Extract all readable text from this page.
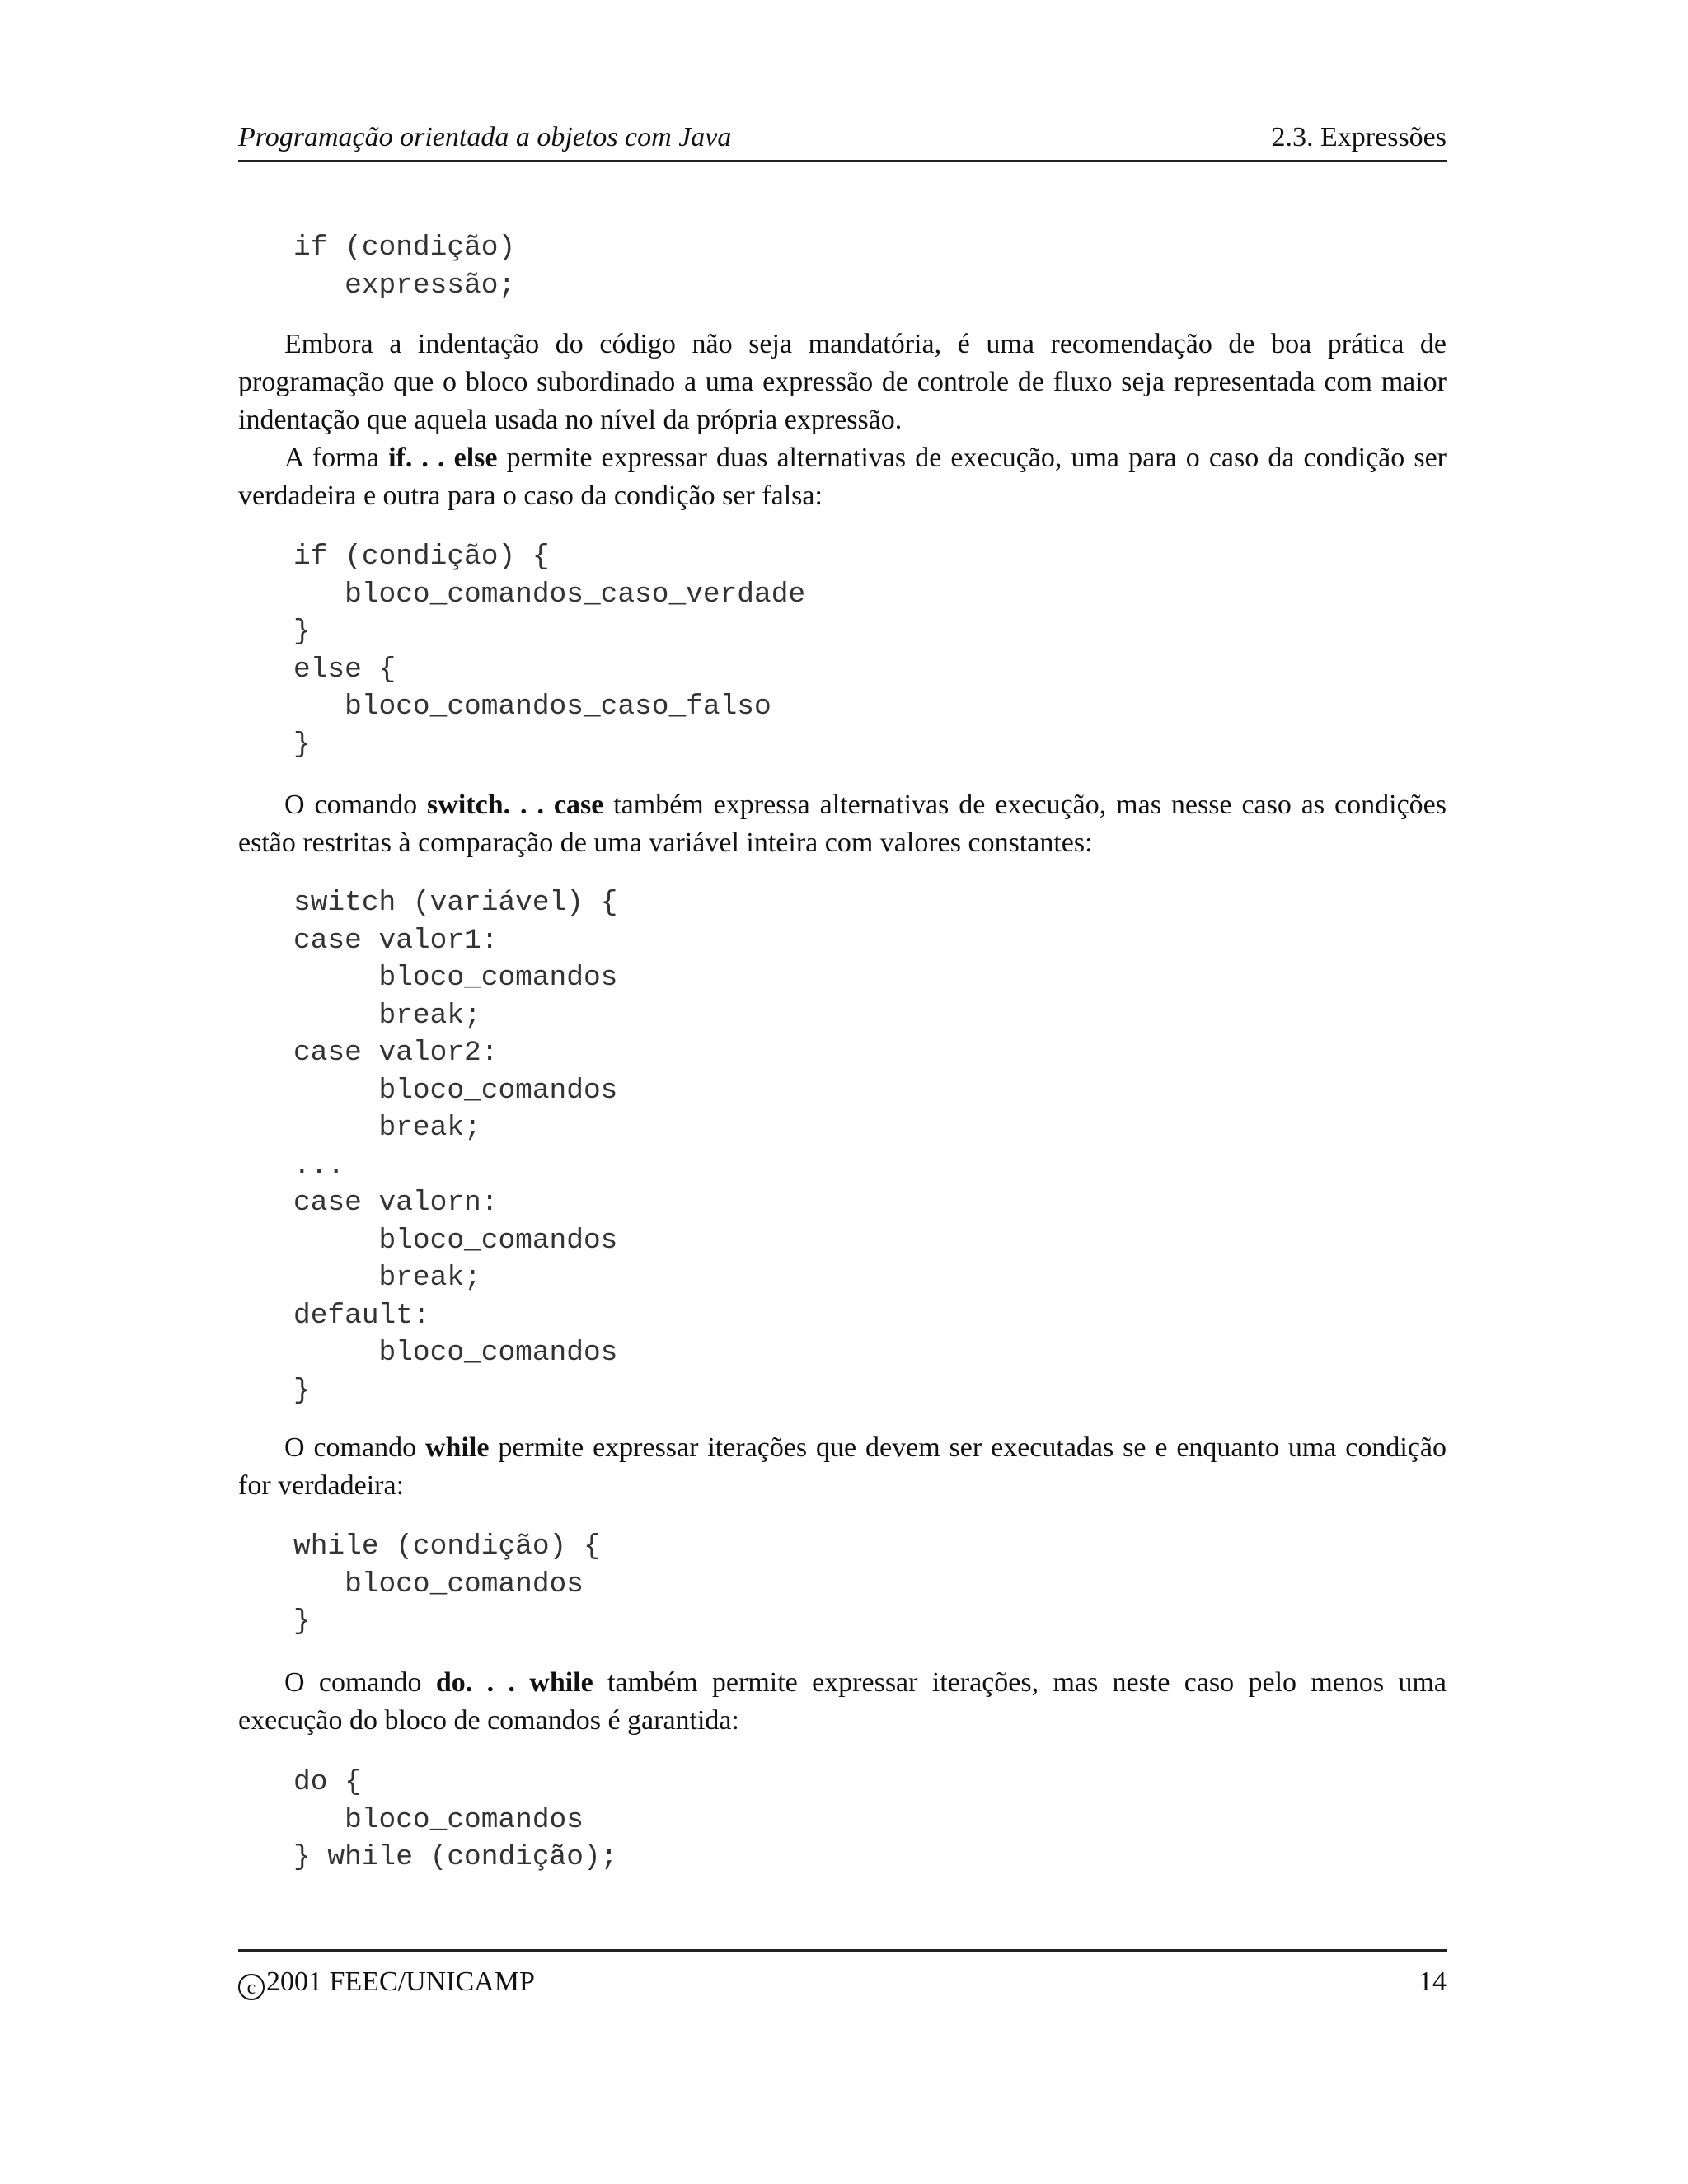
Programação orientada a objetos com Java	2.3. Expressões
if (condição)
expressão;
Embora a indentação do código não seja mandatória, é uma recomendação de boa prática de programação que o bloco subordinado a uma expressão de controle de fluxo seja representada com maior indentação que aquela usada no nível da própria expressão.
A forma if. . . else permite expressar duas alternativas de execução, uma para o caso da condição ser verdadeira e outra para o caso da condição ser falsa:
if (condição) {
bloco_comandos_caso_verdade
}
else {
bloco_comandos_caso_falso
}
O comando switch. . . case também expressa alternativas de execução, mas nesse caso as condições estão restritas à comparação de uma variável inteira com valores constantes:
switch (variável) {
case valor1:
bloco_comandos
break;
case valor2:
bloco_comandos
break;
...
case valorn:
bloco_comandos
break;
default:
bloco_comandos
}
O comando while permite expressar iterações que devem ser executadas se e enquanto uma condição for verdadeira:
while (condição) {
bloco_comandos
}
O comando do. . . while também permite expressar iterações, mas neste caso pelo menos uma execução do bloco de comandos é garantida:
do {
bloco_comandos
} while (condição);
c 2001 FEEC/UNICAMP	14
